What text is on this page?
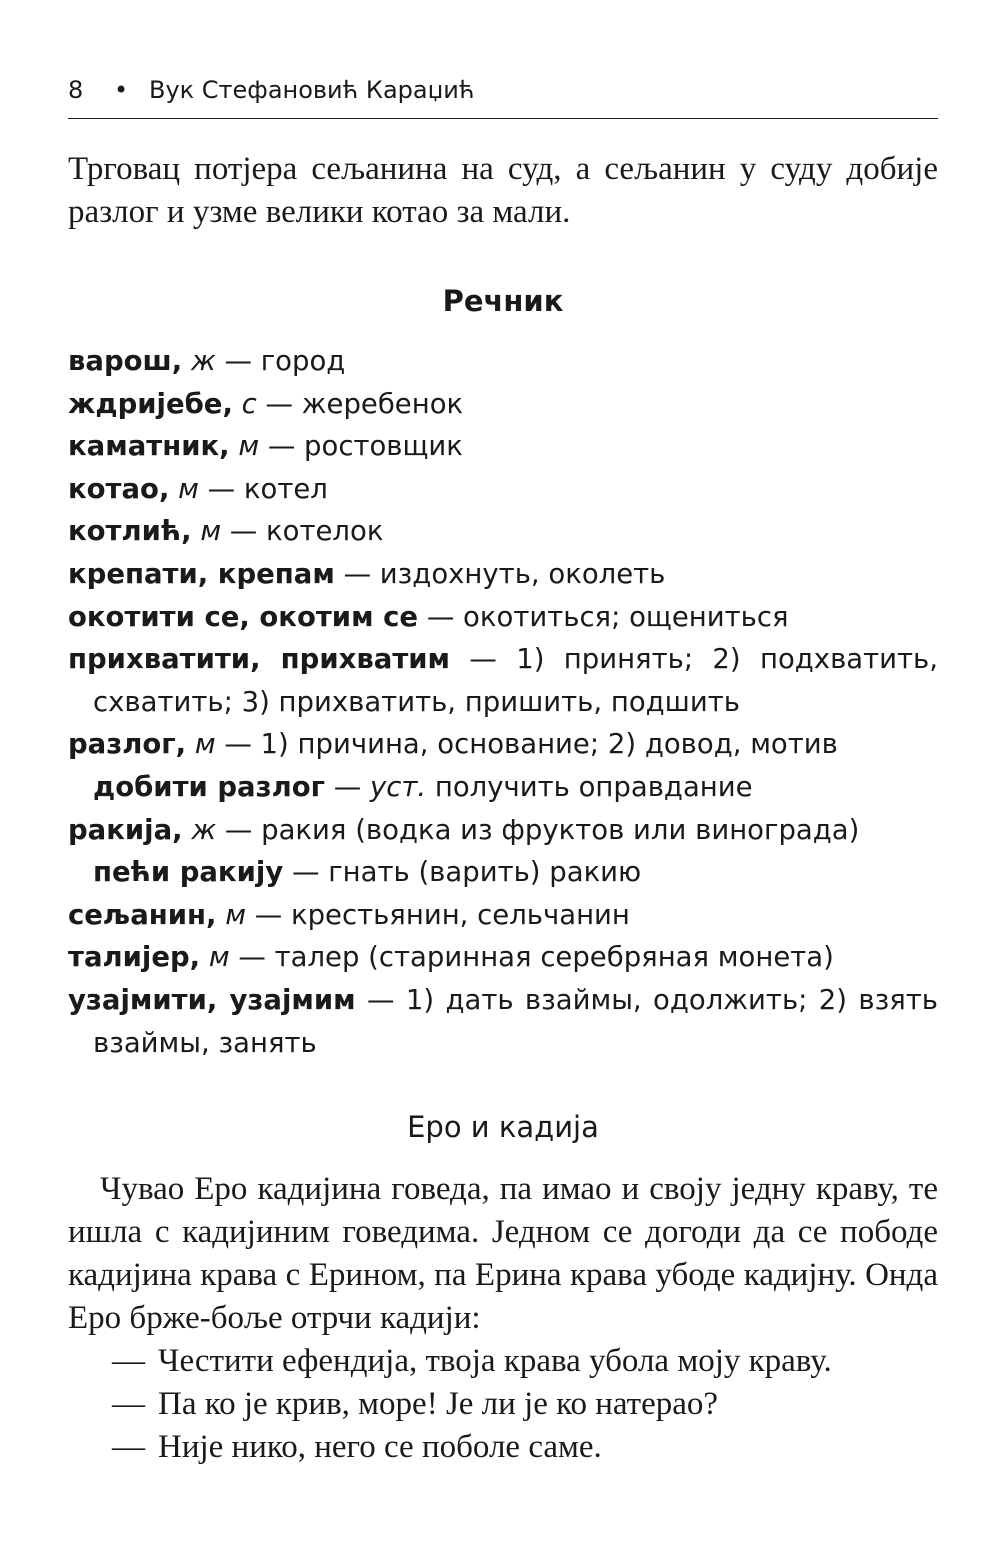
8 • Вук Стефановић Караџић
Трговац потјера сељанина на суд, а сељанин у суду добије разлог и узме велики котао за мали.
Речник
варош, ж — город
ждријебе, с — жеребенок
каматник, м — ростовщик
котао, м — котел
котлић, м — котелок
крепати, крепам — издохнуть, околеть
окотити се, окотим се — окотиться; ощениться
прихватити, прихватим — 1) принять; 2) подхватить, схватить; 3) прихватить, пришить, подшить
разлог, м — 1) причина, основание; 2) довод, мотив
добити разлог — уст. получить оправдание
ракија, ж — ракия (водка из фруктов или винограда)
пећи ракију — гнать (варить) ракию
сељанин, м — крестьянин, сельчанин
талијер, м — талер (старинная серебряная монета)
узајмити, узајмим — 1) дать взаймы, одолжить; 2) взять взаймы, занять
Еро и кадија

Чувао Еро кадијина говеда, па имао и своју једну краву, те ишла с кадијиним говедима. Једном се догоди да се пободе кадијина крава с Ерином, па Ерина крава убоде кадијну. Онда Еро брже-боље отрчи кадији:

— Честити ефендија, твоја крава убола моју краву.
— Па ко је крив, море! Је ли је ко натерао?
— Није нико, него се поболе саме.
